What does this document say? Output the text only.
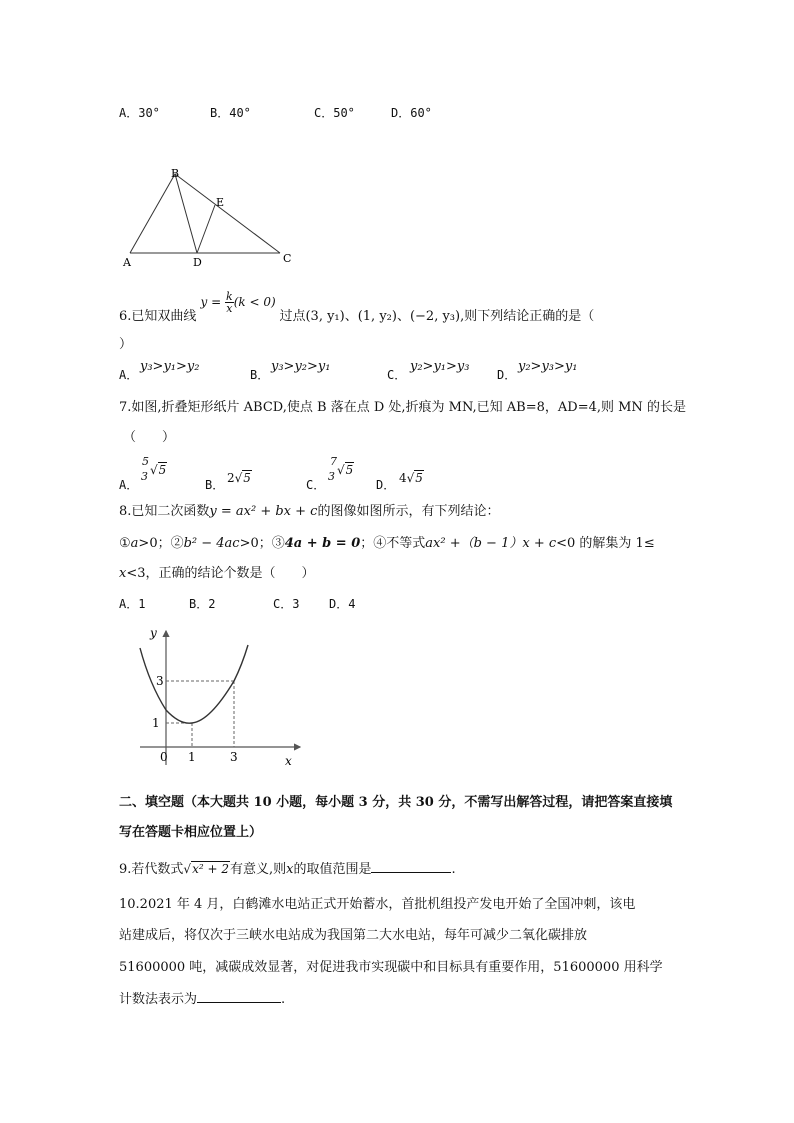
A．30°	B．40°	C．50°	D．60°
A
B
C
D
E
6.已知双曲线 $y = \frac{k}{x} (k < 0)$ 过点(3, y₁)、(1, y₂)、(−2, y₃),则下列结论正确的是（
）
A．
y₃>y₁>y₂
B．
y₃>y₂>y₁
C．
y₂>y₁>y₃
D．
y₂>y₃>y₁
7.如图,折叠矩形纸片 ABCD,使点 B 落在点 D 处,折痕为 MN,已知 AB=8，AD=4,则 MN 的长是
（　　）
A．
5
3 √5
B． 2√5	C．
7
3 √5
D． 4√5
8.已知二次函数y = ax² + bx + c的图像如图所示，有下列结论：
①a>0；②b² − 4ac>0；③4a + b = 0；④不等式ax² +（b − 1）x + c<0 的解集为 1≤
x<3，正确的结论个数是（　　）
A．1	B．2	C．3 D．4
y
x
0 1	3
1
3
二、填空题（本大题共 10 小题，每小题 3 分，共 30 分，不需写出解答过程，请把答案直接填
写在答题卡相应位置上）
9.若代数式√x² + 2有意义,则x的取值范围是	.
10.2021 年 4 月，白鹤滩水电站正式开始蓄水，首批机组投产发电开始了全国冲刺，该电
站建成后，将仅次于三峡水电站成为我国第二大水电站，每年可减少二氧化碳排放
51600000 吨，减碳成效显著，对促进我市实现碳中和目标具有重要作用，51600000 用科学
计数法表示为	.
